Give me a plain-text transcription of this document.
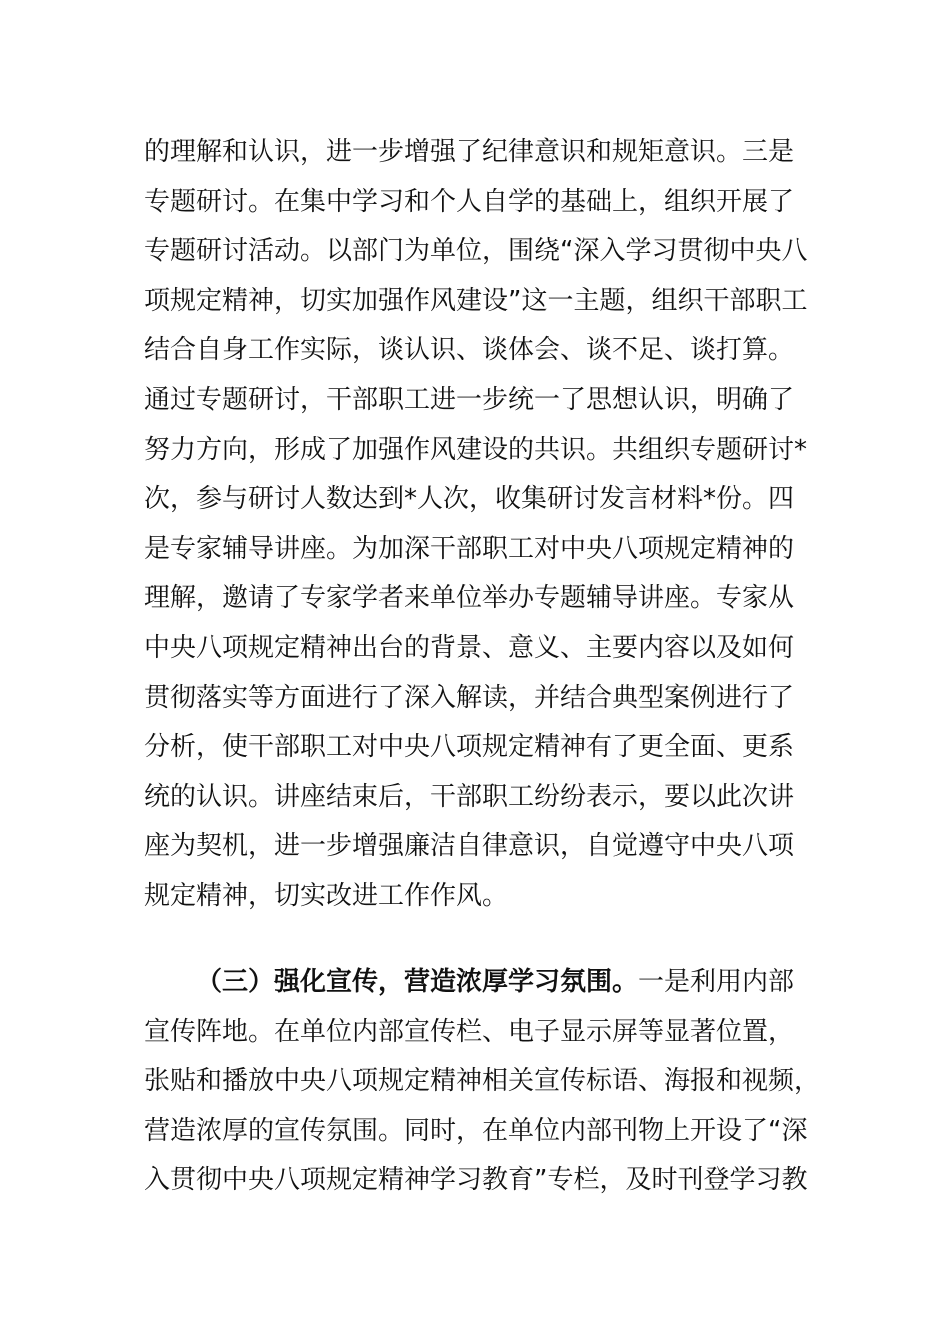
的理解和认识，进一步增强了纪律意识和规矩意识。三是
专题研讨。在集中学习和个人自学的基础上，组织开展了
专题研讨活动。以部门为单位，围绕“深入学习贯彻中央八
项规定精神，切实加强作风建设”这一主题，组织干部职工
结合自身工作实际，谈认识、谈体会、谈不足、谈打算。
通过专题研讨，干部职工进一步统一了思想认识，明确了
努力方向，形成了加强作风建设的共识。共组织专题研讨*
次，参与研讨人数达到*人次，收集研讨发言材料*份。四
是专家辅导讲座。为加深干部职工对中央八项规定精神的
理解，邀请了专家学者来单位举办专题辅导讲座。专家从
中央八项规定精神出台的背景、意义、主要内容以及如何
贯彻落实等方面进行了深入解读，并结合典型案例进行了
分析，使干部职工对中央八项规定精神有了更全面、更系
统的认识。讲座结束后，干部职工纷纷表示，要以此次讲
座为契机，进一步增强廉洁自律意识，自觉遵守中央八项
规定精神，切实改进工作作风。
（三）强化宣传，营造浓厚学习氛围。一是利用内部
宣传阵地。在单位内部宣传栏、电子显示屏等显著位置，
张贴和播放中央八项规定精神相关宣传标语、海报和视频，
营造浓厚的宣传氛围。同时，在单位内部刊物上开设了“深
入贯彻中央八项规定精神学习教育”专栏，及时刊登学习教
